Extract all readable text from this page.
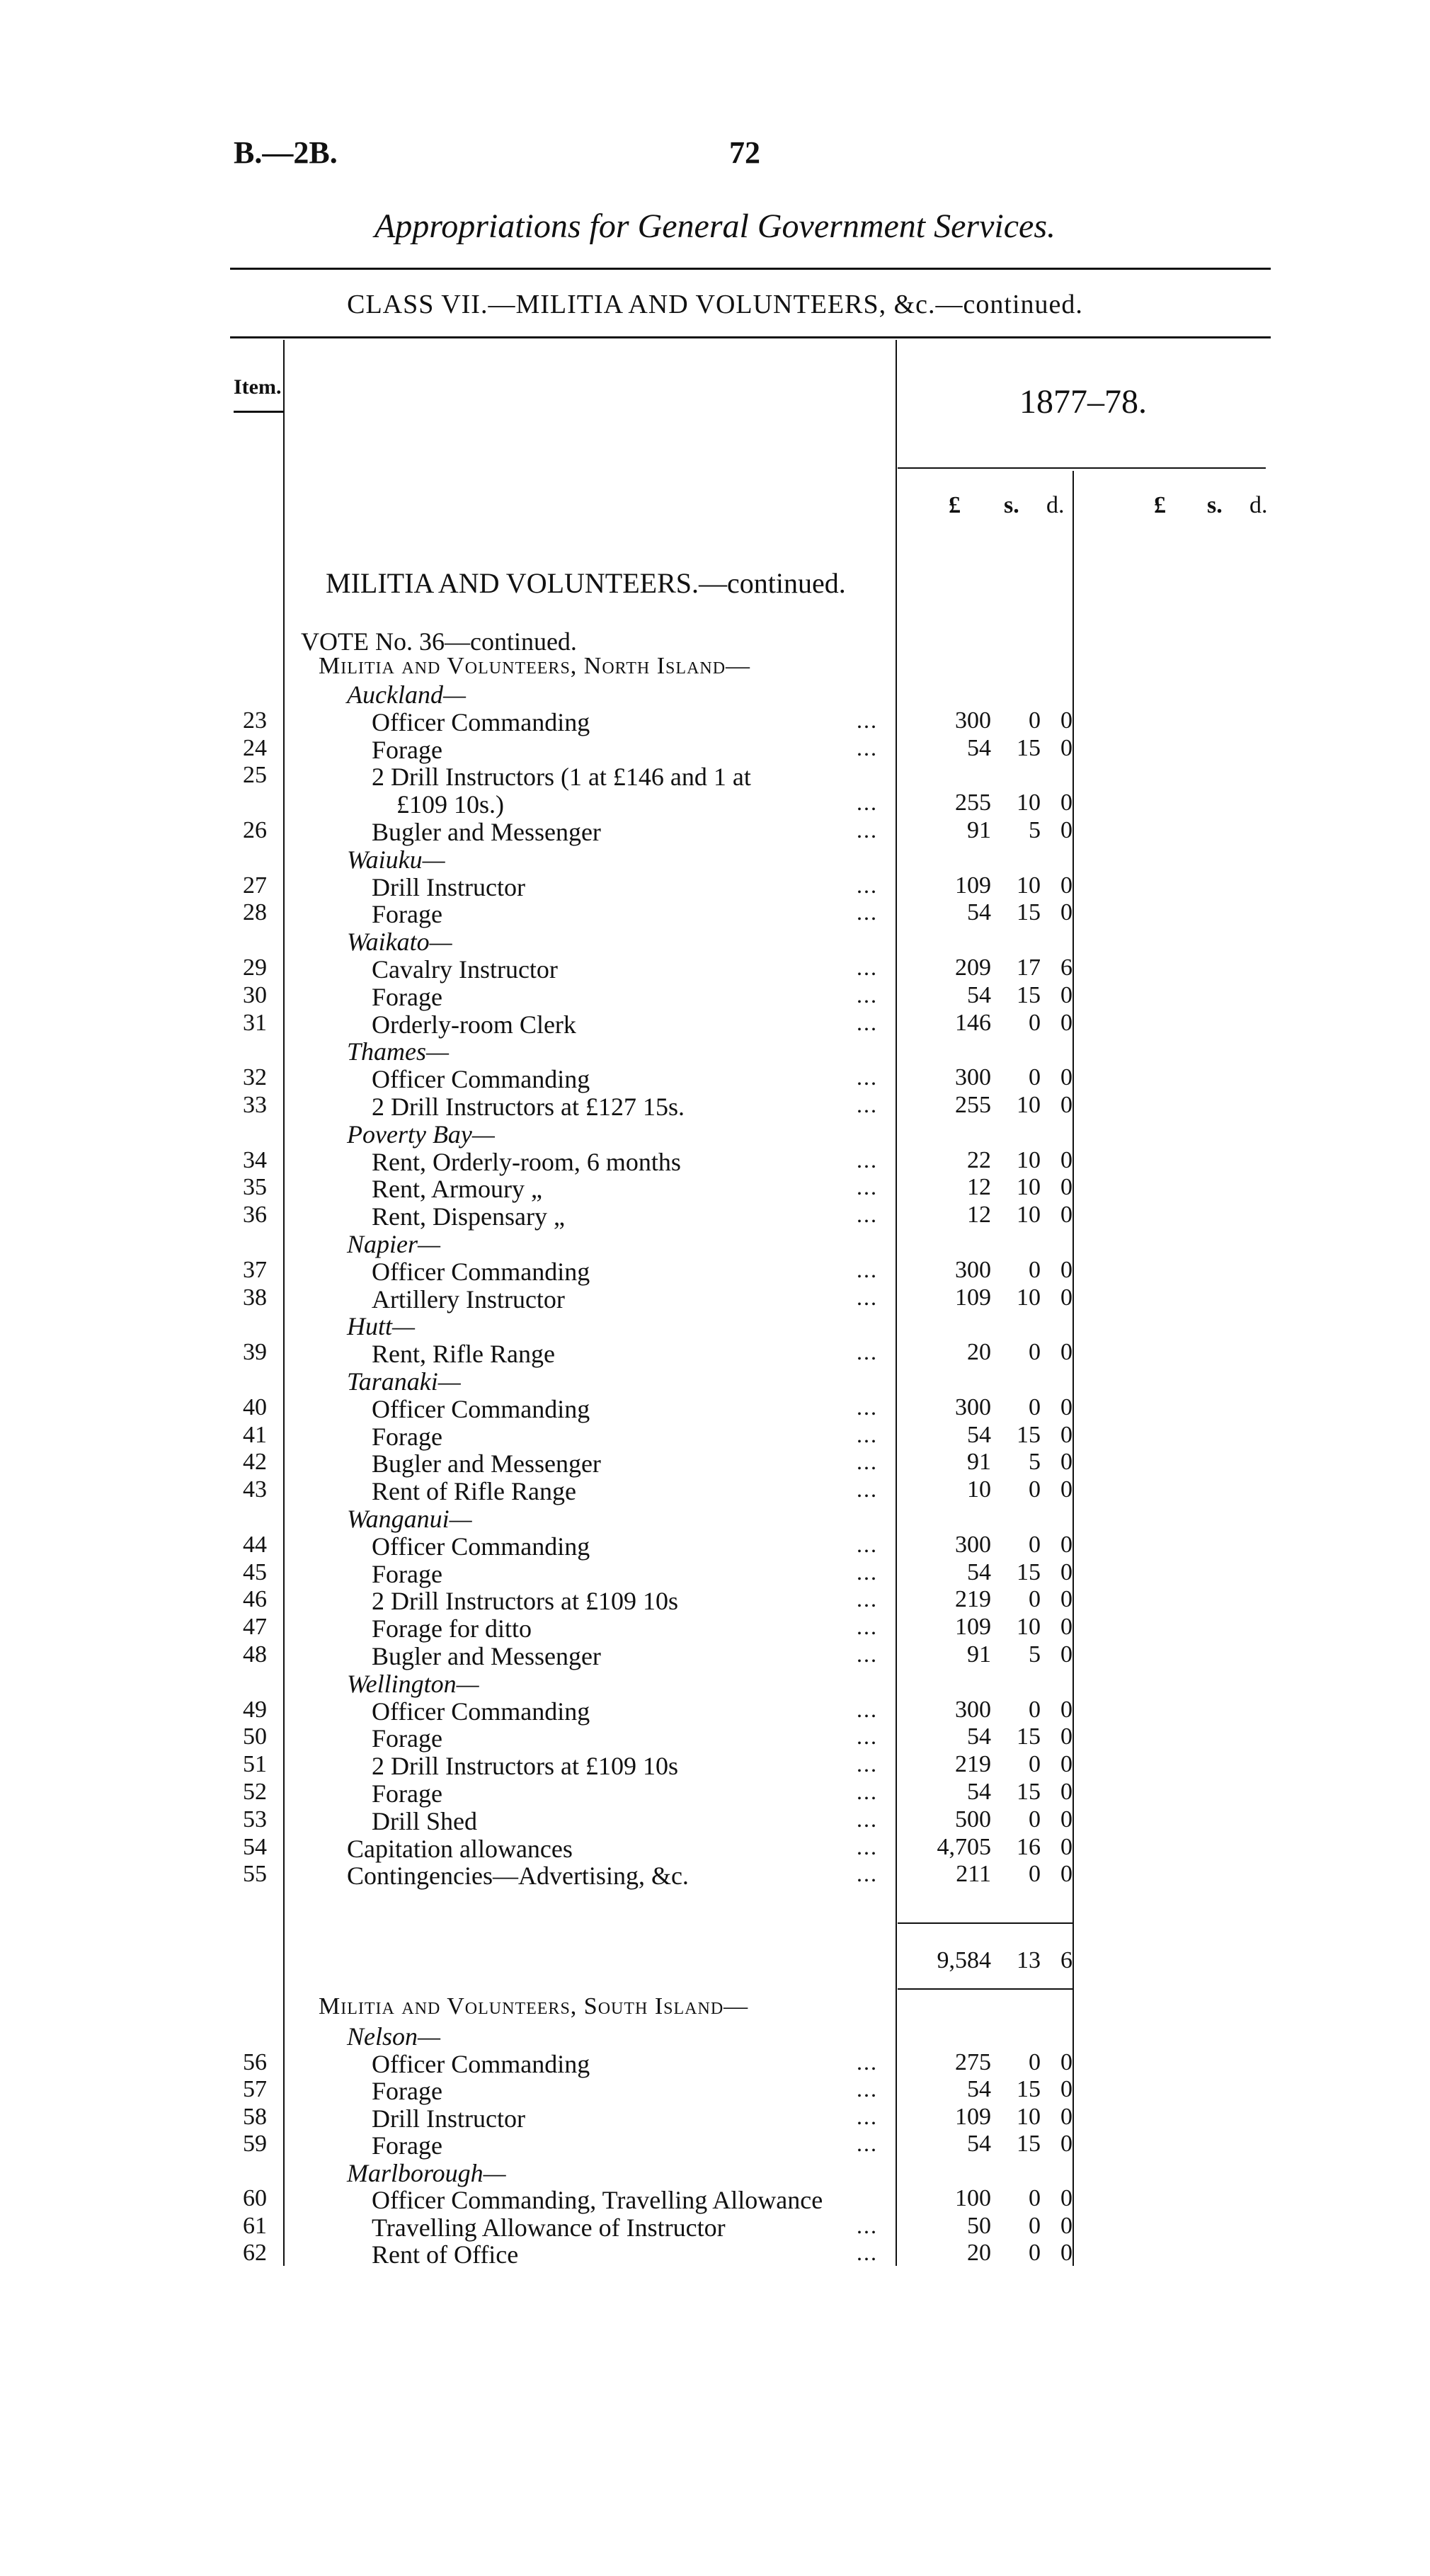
B.—2B.	72
Appropriations for General Government Services.
CLASS VII.—MILITIA AND VOLUNTEERS, &c.—continued.
Item.	1877–78.
£ s. d.	£ s. d.
MILITIA AND VOLUNTEERS.—continued.
VOTE No. 36—continued.
Militia and Volunteers, North Island—
Auckland—
23	Officer Commanding	...	300	0 0
24	Forage	...	54	15 0
25	2 Drill Instructors (1 at £146 and 1 at
£109 10s.)	...	255	10 0
26	Bugler and Messenger	...	91	5 0
Waiuku—
27	Drill Instructor	...	109	10 0
28	Forage	...	54	15 0
Waikato—
29	Cavalry Instructor	...	209	17 6
30	Forage	...	54	15 0
31	Orderly-room Clerk	...	146	0 0
Thames—
32	Officer Commanding	...	300	0 0
33	2 Drill Instructors at £127 15s.	...	255	10 0
Poverty Bay—
34	Rent, Orderly-room, 6 months	...	22	10 0
35	Rent, Armoury „	...	12	10 0
36	Rent, Dispensary „	...	12	10 0
Napier—
37	Officer Commanding	...	300	0 0
38	Artillery Instructor	...	109	10 0
Hutt—
39	Rent, Rifle Range	...	20	0 0
Taranaki—
40	Officer Commanding	...	300	0 0
41	Forage	...	54	15 0
42	Bugler and Messenger	...	91	5 0
43	Rent of Rifle Range	...	10	0 0
Wanganui—
44	Officer Commanding	...	300	0 0
45	Forage	...	54	15 0
46	2 Drill Instructors at £109 10s	...	219	0 0
47	Forage for ditto	...	109	10 0
48	Bugler and Messenger	...	91	5 0
Wellington—
49	Officer Commanding	...	300	0 0
50	Forage	...	54	15 0
51	2 Drill Instructors at £109 10s	...	219	0 0
52	Forage	...	54	15 0
53	Drill Shed	...	500	0 0
54	Capitation allowances	...	4,705	16 0
55	Contingencies—Advertising, &c.	...	211	0 0
9,584	13 6
Militia and Volunteers, South Island—
Nelson—
56	Officer Commanding	...	275	0 0
57	Forage	...	54	15 0
58	Drill Instructor	...	109	10 0
59	Forage	...	54	15 0
Marlborough—
60	Officer Commanding, Travelling Allowance	100	0 0
61	Travelling Allowance of Instructor	...	50	0 0
62	Rent of Office	...	20	0 0
